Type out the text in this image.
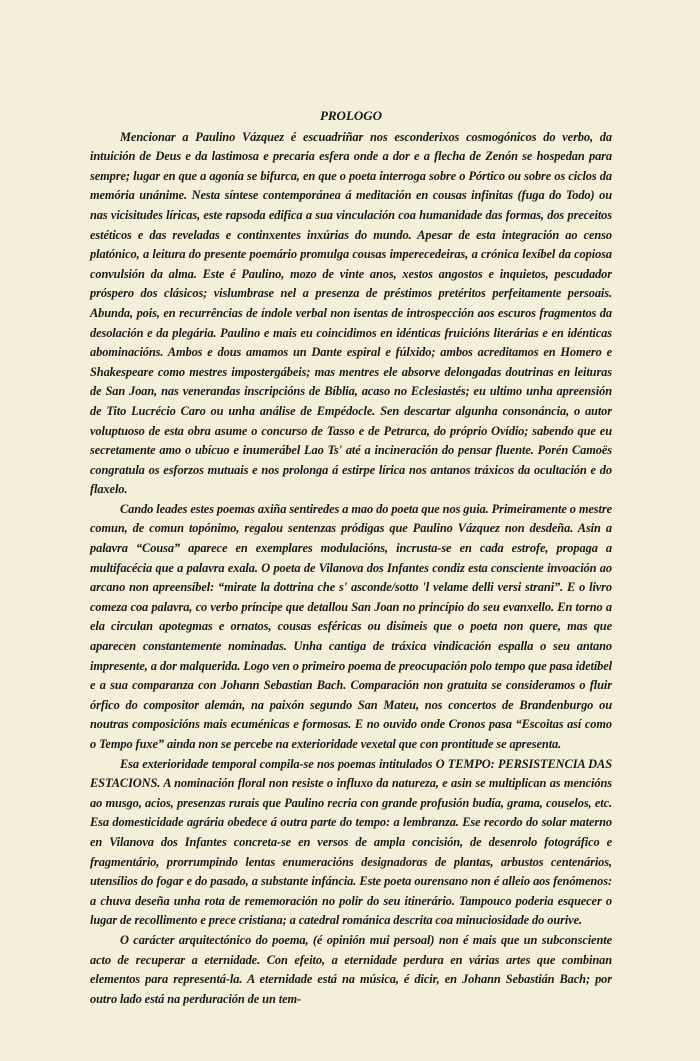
PROLOGO

Mencionar a Paulino Vázquez é escuadriñar nos esconderixos cosmogónicos do verbo, da intuición de Deus e da lastimosa e precaria esfera onde a dor e a flecha de Zenón se hospedan para sempre; lugar en que a agonía se bifurca, en que o poeta interroga sobre o Pórtico ou sobre os ciclos da memória unánime. Nesta síntese contemporánea á meditación en cousas infinitas (fuga do Todo) ou nas vicisitudes líricas, este rapsoda edifica a sua vinculación coa humanidade das formas, dos preceitos estéticos e das reveladas e continxentes inxúrias do mundo. Apesar de esta integración ao censo platónico, a leitura do presente poemário promulga cousas imperecedeiras, a crónica lexíbel da copiosa convulsión da alma. Este é Paulino, mozo de vinte anos, xestos angostos e inquietos, pescudador próspero dos clásicos; vislumbrase nel a presenza de préstimos pretéritos perfeitamente persoais. Abunda, pois, en recurrências de índole verbal non isentas de introspección aos escuros fragmentos da desolación e da plegária. Paulino e mais eu coincidimos en idénticas fruicións literárias e en idénticas abominacións. Ambos e dous amamos un Dante espiral e fúlxido; ambos acreditamos en Homero e Shakespeare como mestres impostergábeis; mas mentres ele absorve delongadas doutrinas en leituras de San Joan, nas venerandas inscripcións de Bíblia, acaso no Eclesiastés; eu ultimo unha apreensión de Tito Lucrécio Caro ou unha análise de Empédocle. Sen descartar algunha consonáncia, o autor voluptuoso de esta obra asume o concurso de Tasso e de Petrarca, do próprio Ovídio; sabendo que eu secretamente amo o ubícuo e inumerábel Lao Ts' até a incineración do pensar fluente. Porén Camoës congratula os esforzos mutuais e nos prolonga á estirpe lírica nos antanos tráxicos da ocultación e do flaxelo.

Cando leades estes poemas axiña sentiredes a mao do poeta que nos guia. Primeiramente o mestre comun, de comun topónimo, regalou sentenzas pródigas que Paulino Vázquez non desdeña. Asin a palavra “Cousa” aparece en exemplares modulacións, incrusta-se en cada estrofe, propaga a multifacécia que a palavra exala. O poeta de Vilanova dos Infantes condiz esta consciente invoación ao arcano non apreensíbel: “mirate la dottrina che s' asconde/sotto 'l velame delli versi strani”. E o livro comeza coa palavra, co verbo príncipe que detallou San Joan no princípio do seu evanxello. En torno a ela circulan apotegmas e ornatos, cousas esféricas ou disímeis que o poeta non quere, mas que aparecen constantemente nominadas. Unha cantiga de tráxica vindicación espalla o seu antano impresente, a dor malquerida. Logo ven o primeiro poema de preocupación polo tempo que pasa idetíbel e a sua comparanza con Johann Sebastian Bach. Comparación non gratuita se consideramos o fluir órfico do compositor alemán, na paixón segundo San Mateu, nos concertos de Brandenburgo ou noutras composicións mais ecuménicas e formosas. E no ouvido onde Cronos pasa “Escoitas así como o Tempo fuxe” ainda non se percebe na exterioridade vexetal que con prontitude se apresenta.

Esa exterioridade temporal compila-se nos poemas intitulados O TEMPO: PERSISTENCIA DAS ESTACIONS. A nominación floral non resiste o influxo da natureza, e asin se multiplican as mencións ao musgo, acios, presenzas rurais que Paulino recria con grande profusión budía, grama, couselos, etc. Esa domesticidade agrária obedece á outra parte do tempo: a lembranza. Ese recordo do solar materno en Vilanova dos Infantes concreta-se en versos de ampla concisión, de desenrolo fotográfico e fragmentário, prorrumpindo lentas enumeracións designadoras de plantas, arbustos centenários, utensílios do fogar e do pasado, a substante infáncia. Este poeta ourensano non é alleio aos fenómenos: a chuva deseña unha rota de rememoración no polir do seu itinerário. Tampouco poderia esquecer o lugar de recollimento e prece cristiana; a catedral románica descrita coa minuciosidade do ourive.

O carácter arquitectónico do poema, (é opinión mui persoal) non é mais que un subconsciente acto de recuperar a eternidade. Con efeito, a eternidade perdura en várias artes que combinan elementos para representá-la. A eternidade está na música, é dicir, en Johann Sebastián Bach; por outro lado está na perduración de un tem-
